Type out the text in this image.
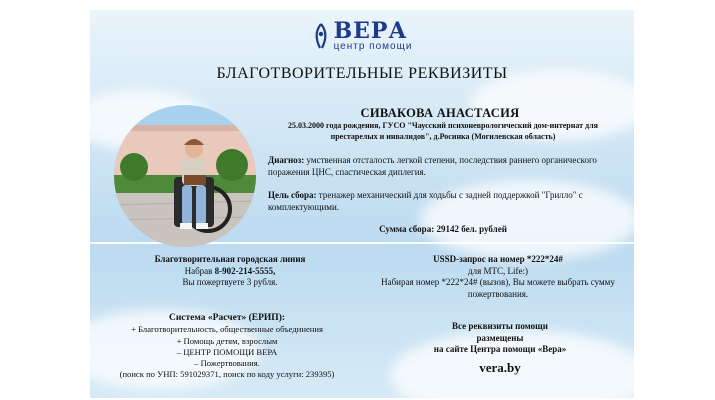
ВЕРА
центр помощи
БЛАГОТВОРИТЕЛЬНЫЕ РЕКВИЗИТЫ
СИВАКОВА АНАСТАСИЯ
25.03.2000 года рождения, ГУСО "Чаусский психоневрологический дом-интернат для престарелых и инвалидов", д.Росинка (Могилевская область)
Диагноз: умственная отсталость легкой степени, последствия раннего органического поражения ЦНС, спастическая диплегия.
Цель сбора: тренажер механический для ходьбы с задней поддержкой "Грилло" с комплектующими.
Сумма сбора: 29142 бел. рублей
Благотворительная городская линия
Набрав 8-902-214-5555,
Вы пожертвуете 3 рубля.
USSD-запрос на номер *222*24#
для МТС, Life:)
Набирая номер *222*24# (вызов), Вы можете выбрать сумму пожертвования.
Система «Расчет» (ЕРИП):
+ Благотворительность, общественные объединения
+ Помощь детям, взрослым
– ЦЕНТР ПОМОЩИ ВЕРА
– Пожертвования.
(поиск по УНП: 591029371, поиск по коду услуги: 239395)
Все реквизиты помощи
размещены
на сайте Центра помощи «Вера»
vera.by
